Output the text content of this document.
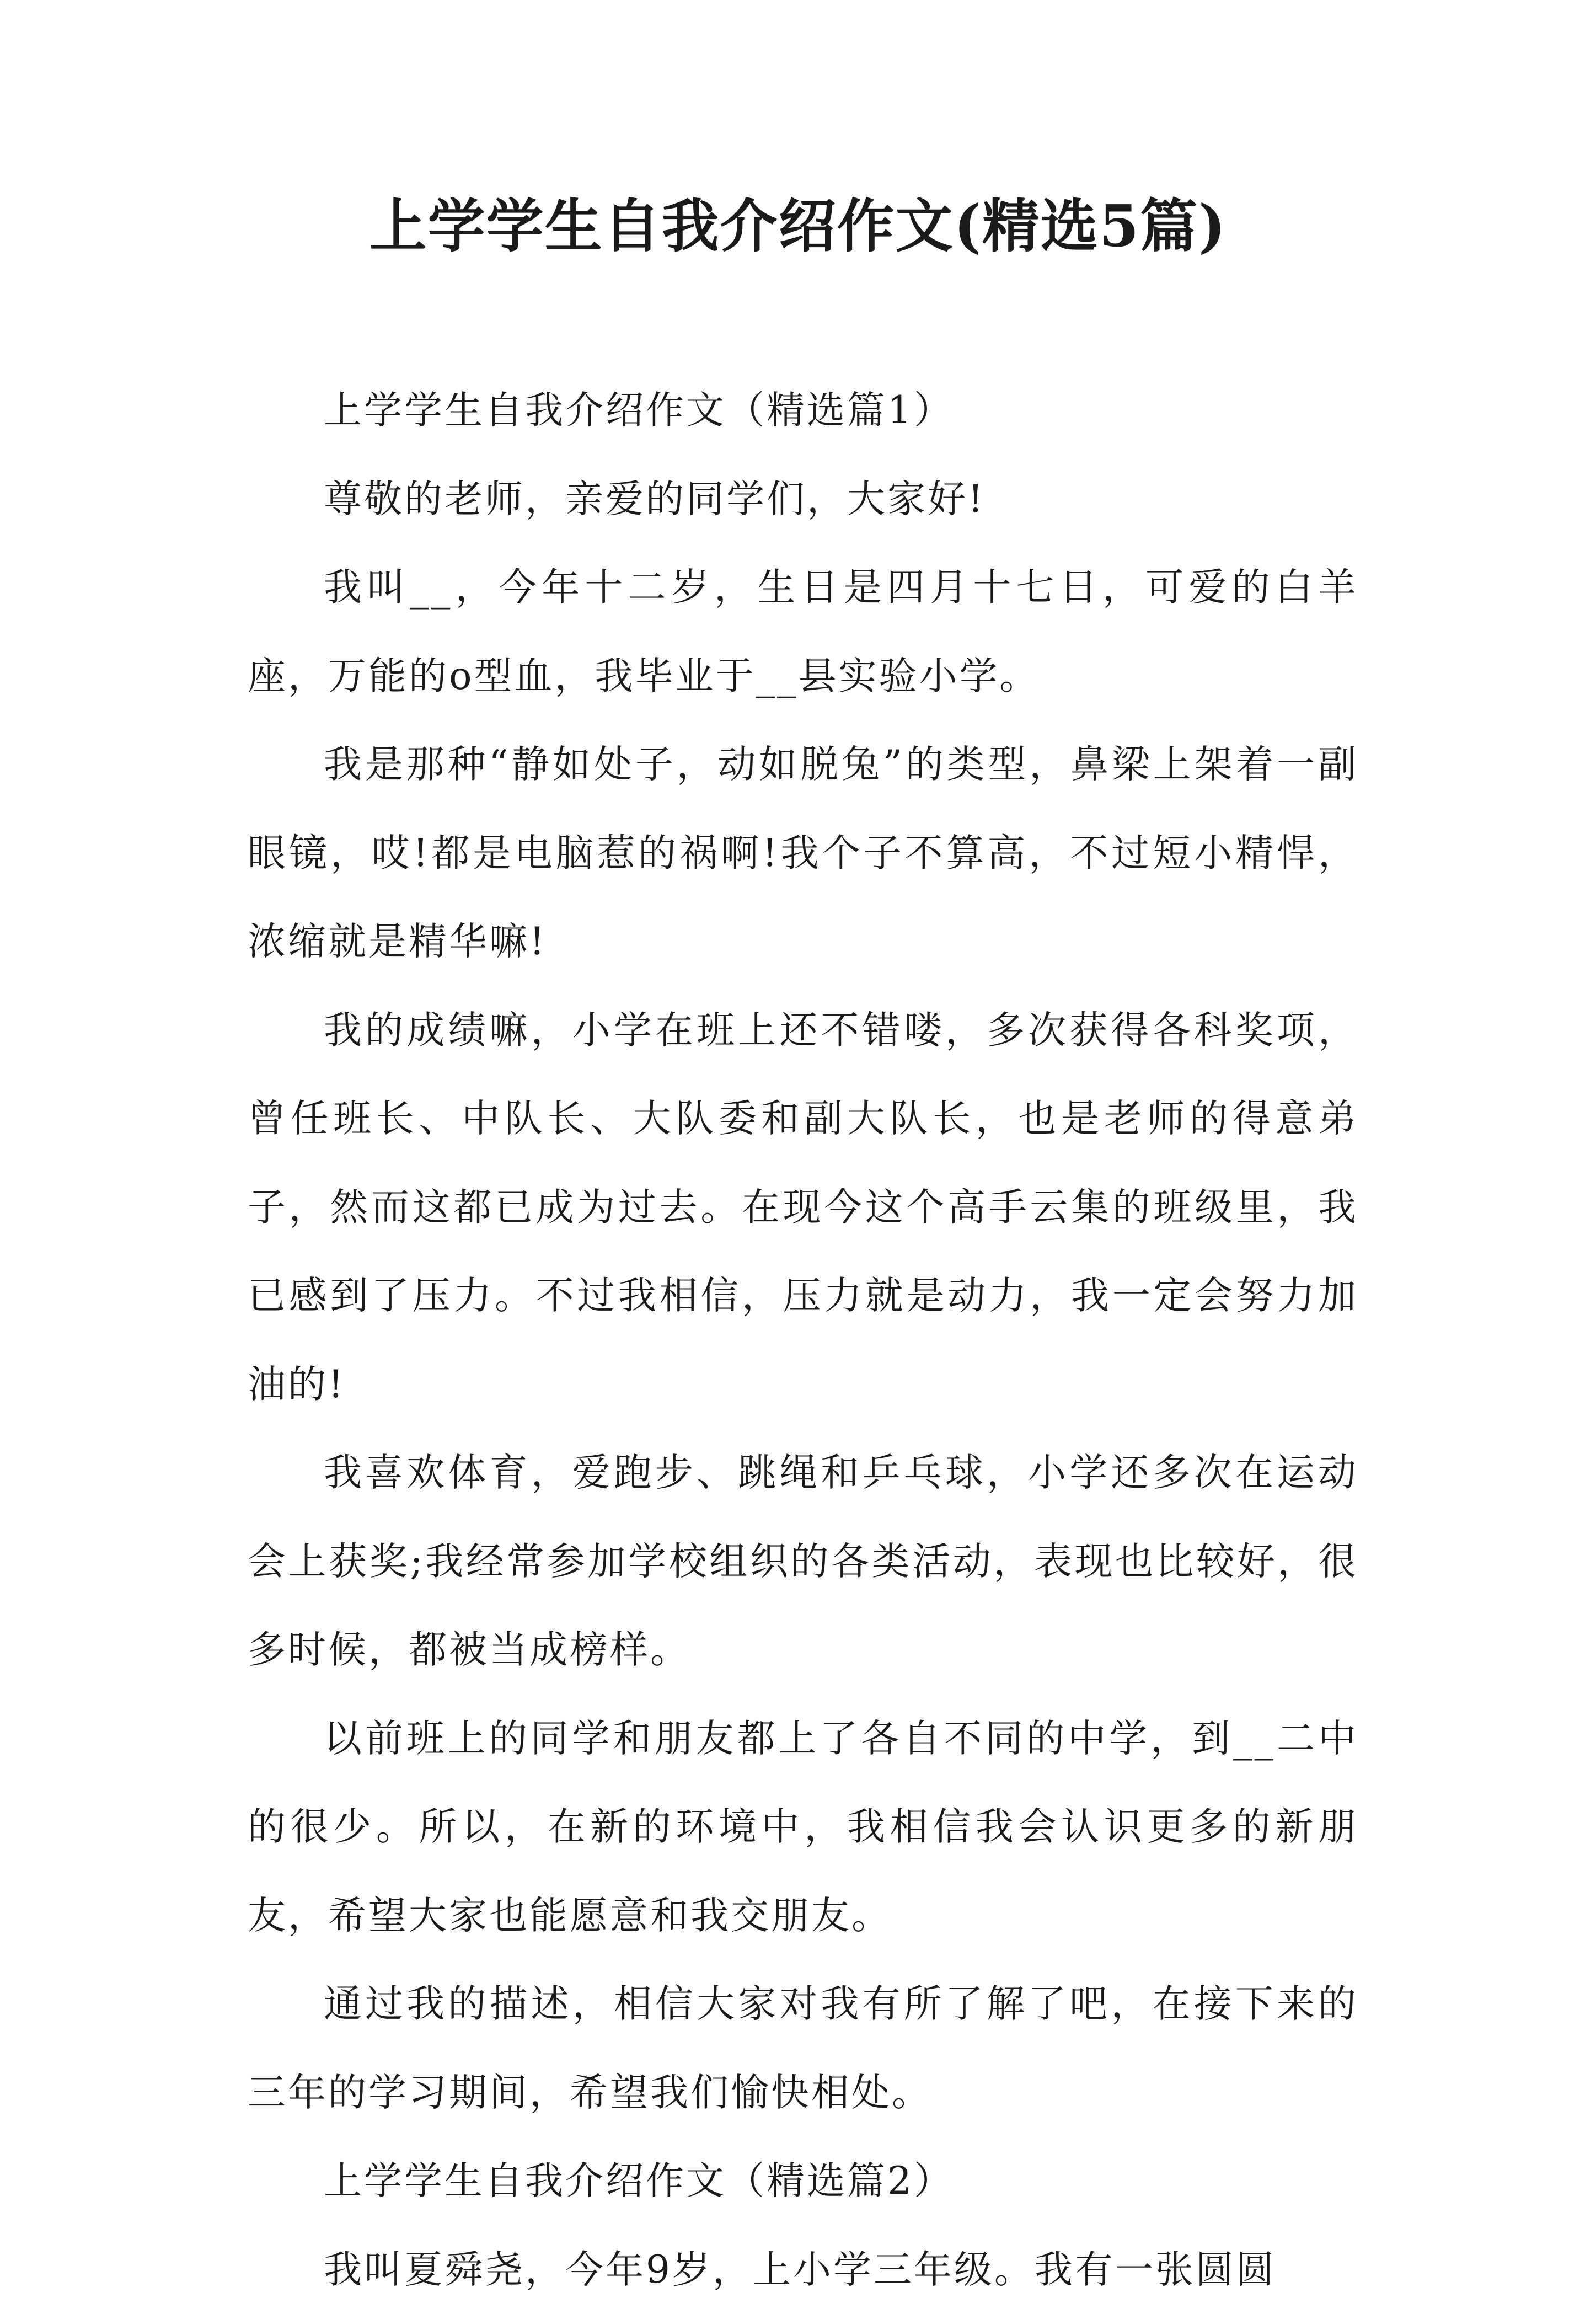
上学学生自我介绍作文(精选5篇)

上学学生自我介绍作文（精选篇1）

尊敬的老师，亲爱的同学们，大家好!

我叫__，今年十二岁，生日是四月十七日，可爱的白羊座，万能的o型血，我毕业于__县实验小学。

我是那种“静如处子，动如脱兔”的类型，鼻梁上架着一副眼镜，哎!都是电脑惹的祸啊!我个子不算高，不过短小精悍，浓缩就是精华嘛!

我的成绩嘛，小学在班上还不错喽，多次获得各科奖项，曾任班长、中队长、大队委和副大队长，也是老师的得意弟子，然而这都已成为过去。在现今这个高手云集的班级里，我已感到了压力。不过我相信，压力就是动力，我一定会努力加油的!

我喜欢体育，爱跑步、跳绳和乒乓球，小学还多次在运动会上获奖;我经常参加学校组织的各类活动，表现也比较好，很多时候，都被当成榜样。

以前班上的同学和朋友都上了各自不同的中学，到__二中的很少。所以，在新的环境中，我相信我会认识更多的新朋友，希望大家也能愿意和我交朋友。

通过我的描述，相信大家对我有所了解了吧，在接下来的三年的学习期间，希望我们愉快相处。

上学学生自我介绍作文（精选篇2）

我叫夏舜尧，今年9岁，上小学三年级。我有一张圆圆
